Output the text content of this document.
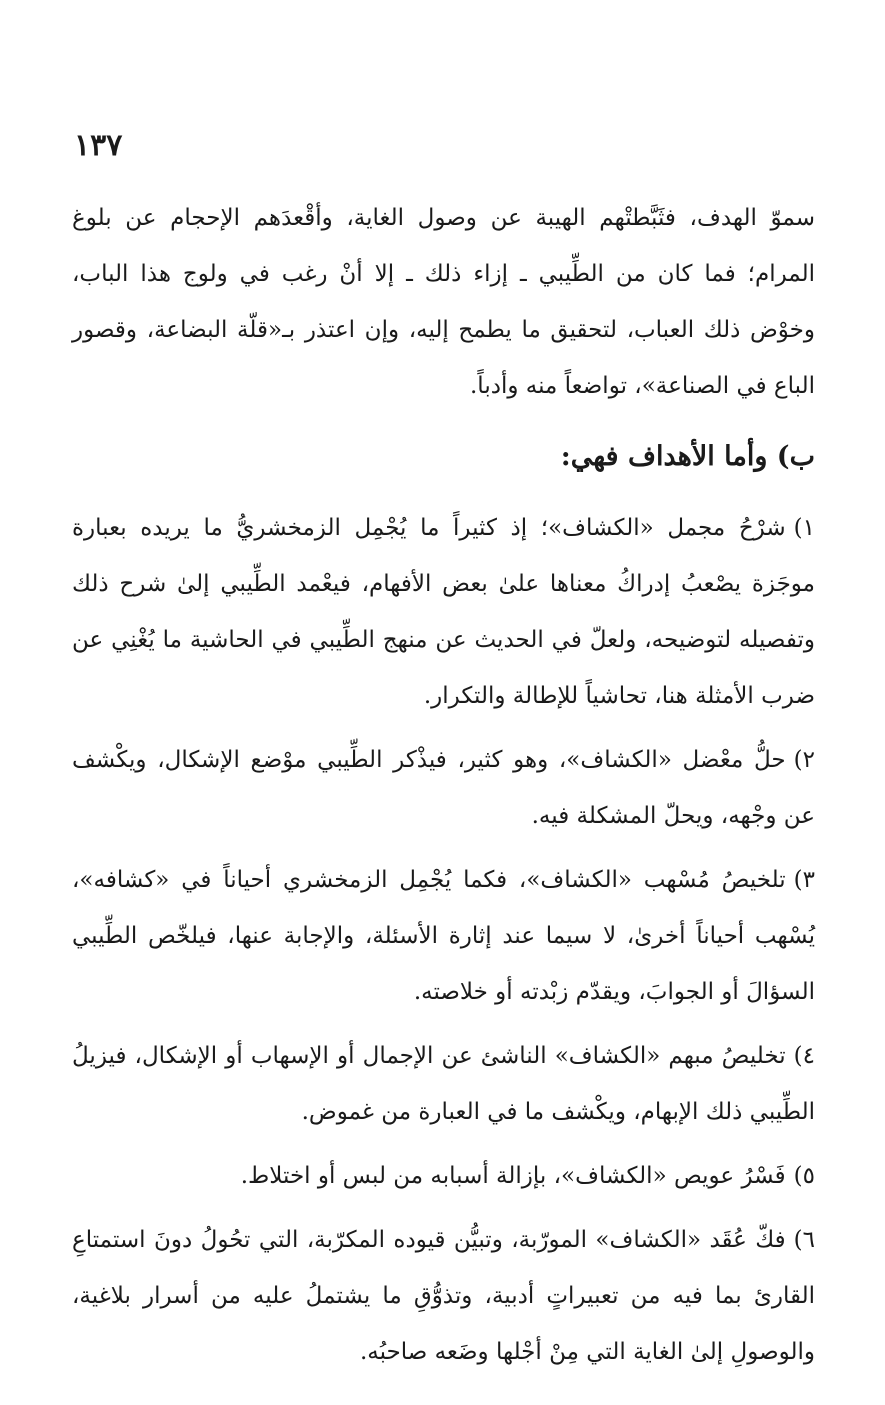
١٣٧

سموّ الهدف، فثَبَّطتْهم الهيبة عن وصول الغاية، وأقْعدَهم الإحجام عن بلوغ المرام؛ فما كان من الطِّيبي ـ إزاء ذلك ـ إلا أنْ رغب في ولوج هذا الباب، وخوْض ذلك العباب، لتحقيق ما يطمح إليه، وإن اعتذر بـ«قلّة البضاعة، وقصور الباع في الصناعة»، تواضعاً منه وأدباً.

ب) وأما الأهداف فهي:

١)شرْحُ مجمل «الكشاف»؛ إذ كثيراً ما يُجْمِل الزمخشريُّ ما يريده بعبارة موجَزة يصْعبُ إدراكُ معناها علىٰ بعض الأفهام، فيعْمد الطِّيبي إلىٰ شرح ذلك وتفصيله لتوضيحه، ولعلّ في الحديث عن منهج الطِّيبي في الحاشية ما يُغْنِي عن ضرب الأمثلة هنا، تحاشياً للإطالة والتكرار.

٢)حلُّ معْضل «الكشاف»، وهو كثير، فيذْكر الطِّيبي موْضع الإشكال، ويكْشف عن وجْهه، ويحلّ المشكلة فيه.

٣)تلخيصُ مُسْهب «الكشاف»، فكما يُجْمِل الزمخشري أحياناً في «كشافه»، يُسْهب أحياناً أخرىٰ، لا سيما عند إثارة الأسئلة، والإجابة عنها، فيلخّص الطِّيبي السؤالَ أو الجوابَ، ويقدّم زبْدته أو خلاصته.

٤)تخليصُ مبهم «الكشاف» الناشئ عن الإجمال أو الإسهاب أو الإشكال، فيزيلُ الطِّيبي ذلك الإبهام، ويكْشف ما في العبارة من غموض.

٥)فَسْرُ عويص «الكشاف»، بإزالة أسبابه من لبس أو اختلاط.

٦)فكّ عُقَد «الكشاف» المورّبة، وتبيُّن قيوده المكرّبة، التي تحُولُ دونَ استمتاعِ القارئ بما فيه من تعبيراتٍ أدبية، وتذوُّقِ ما يشتملُ عليه من أسرار بلاغية، والوصولِ إلىٰ الغاية التي مِنْ أجْلها وضَعه صاحبُه.
